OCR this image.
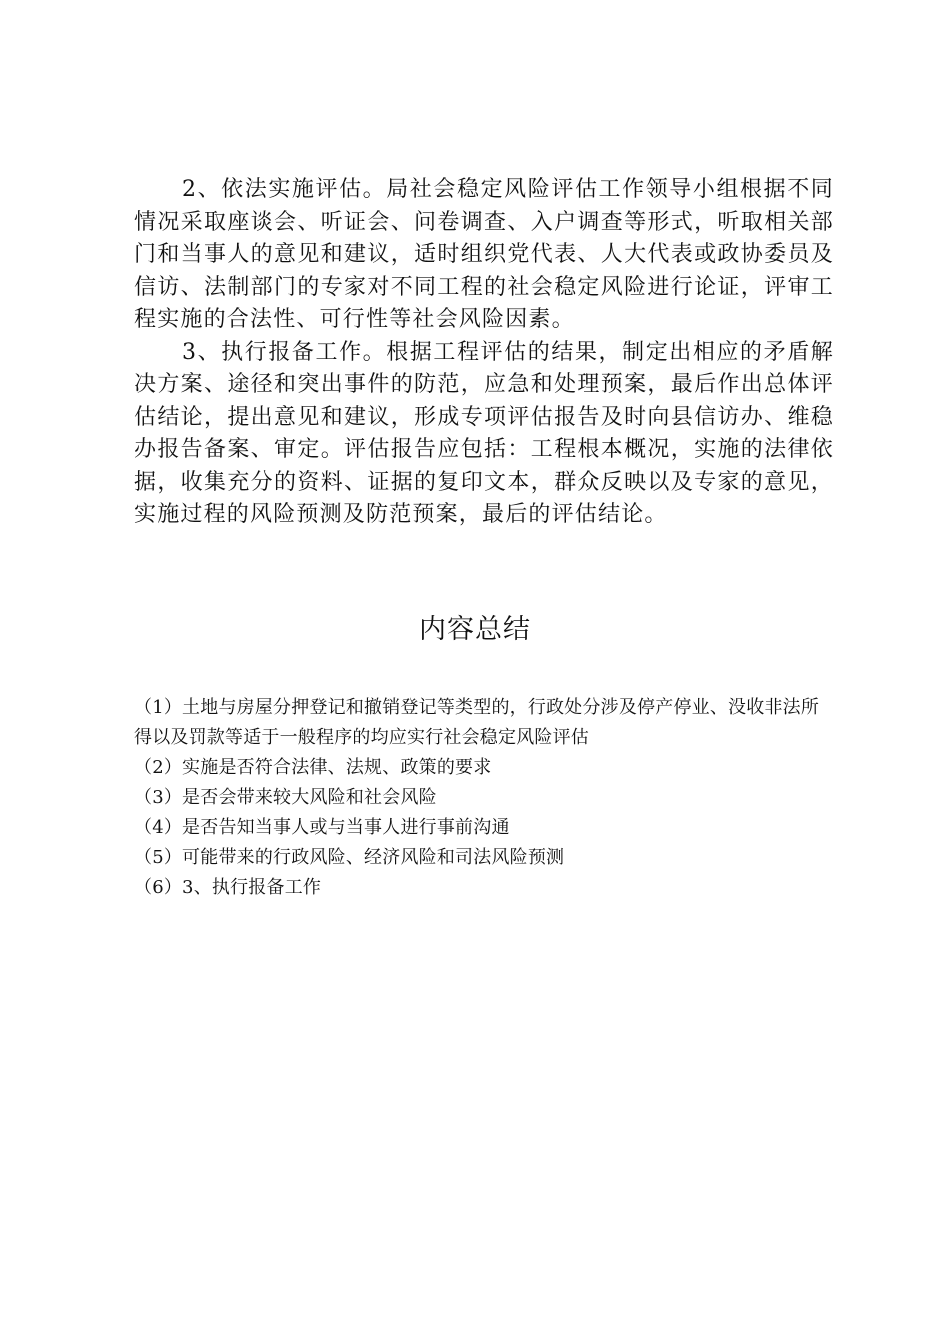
2、依法实施评估。局社会稳定风险评估工作领导小组根据不同情况采取座谈会、听证会、问卷调查、入户调查等形式，听取相关部门和当事人的意见和建议，适时组织党代表、人大代表或政协委员及信访、法制部门的专家对不同工程的社会稳定风险进行论证，评审工程实施的合法性、可行性等社会风险因素。

3、执行报备工作。根据工程评估的结果，制定出相应的矛盾解决方案、途径和突出事件的防范，应急和处理预案，最后作出总体评估结论，提出意见和建议，形成专项评估报告及时向县信访办、维稳办报告备案、审定。评估报告应包括：工程根本概况，实施的法律依据，收集充分的资料、证据的复印文本，群众反映以及专家的意见，实施过程的风险预测及防范预案，最后的评估结论。

内容总结
（1）土地与房屋分押登记和撤销登记等类型的，行政处分涉及停产停业、没收非法所得以及罚款等适于一般程序的均应实行社会稳定风险评估
（2）实施是否符合法律、法规、政策的要求
（3）是否会带来较大风险和社会风险
（4）是否告知当事人或与当事人进行事前沟通
（5）可能带来的行政风险、经济风险和司法风险预测
（6）3、执行报备工作
